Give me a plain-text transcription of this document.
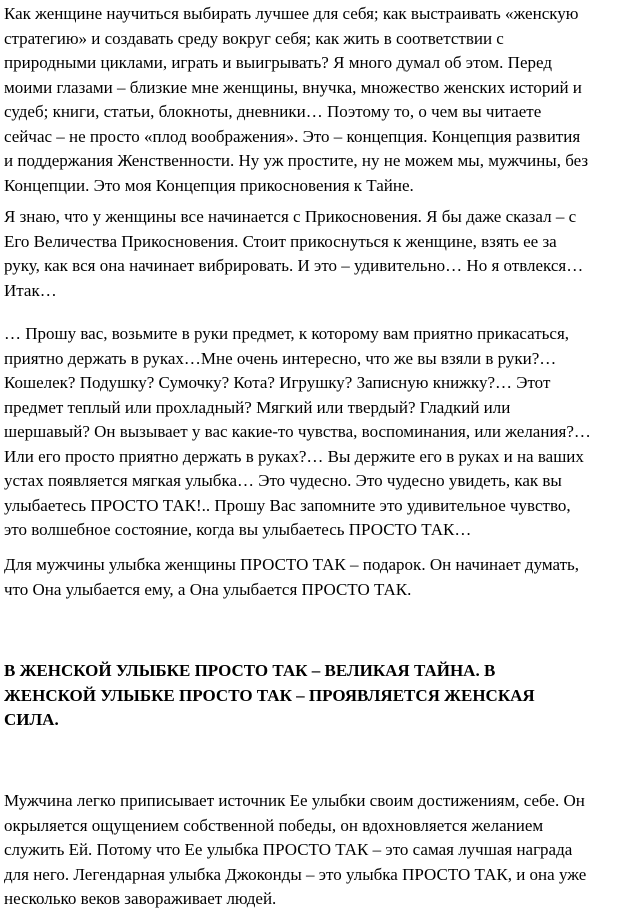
Как женщине научиться выбирать лучшее для себя; как выстраивать «женскую
стратегию» и создавать среду вокруг себя; как жить в соответствии с
природными циклами, играть и выигрывать? Я много думал об этом. Перед
моими глазами – близкие мне женщины, внучка, множество женских историй и
судеб; книги, статьи, блокноты, дневники… Поэтому то, о чем вы читаете
сейчас – не просто «плод воображения». Это – концепция. Концепция развития
и поддержания Женственности. Ну уж простите, ну не можем мы, мужчины, без
Концепции. Это моя Концепция прикосновения к Тайне.
Я знаю, что у женщины все начинается с Прикосновения. Я бы даже сказал – с
Его Величества Прикосновения. Стоит прикоснуться к женщине, взять ее за
руку, как вся она начинает вибрировать. И это – удивительно… Но я отвлекся…
Итак…
… Прошу вас, возьмите в руки предмет, к которому вам приятно прикасаться,
приятно держать в руках…Мне очень интересно, что же вы взяли в руки?…
Кошелек? Подушку? Сумочку? Кота? Игрушку? Записную книжку?… Этот
предмет теплый или прохладный? Мягкий или твердый? Гладкий или
шершавый? Он вызывает у вас какие-то чувства, воспоминания, или желания?…
Или его просто приятно держать в руках?… Вы держите его в руках и на ваших
устах появляется мягкая улыбка… Это чудесно. Это чудесно увидеть, как вы
улыбаетесь ПРОСТО ТАК!.. Прошу Вас запомните это удивительное чувство,
это волшебное состояние, когда вы улыбаетесь ПРОСТО ТАК…
Для мужчины улыбка женщины ПРОСТО ТАК – подарок. Он начинает думать,
что Она улыбается ему, а Она улыбается ПРОСТО ТАК.
В ЖЕНСКОЙ УЛЫБКЕ ПРОСТО ТАК – ВЕЛИКАЯ ТАЙНА. В
ЖЕНСКОЙ УЛЫБКЕ ПРОСТО ТАК – ПРОЯВЛЯЕТСЯ ЖЕНСКАЯ
СИЛА.
Мужчина легко приписывает источник Ее улыбки своим достижениям, себе. Он
окрыляется ощущением собственной победы, он вдохновляется желанием
служить Ей. Потому что Ее улыбка ПРОСТО ТАК – это самая лучшая награда
для него. Легендарная улыбка Джоконды – это улыбка ПРОСТО ТАК, и она уже
несколько веков завораживает людей.
